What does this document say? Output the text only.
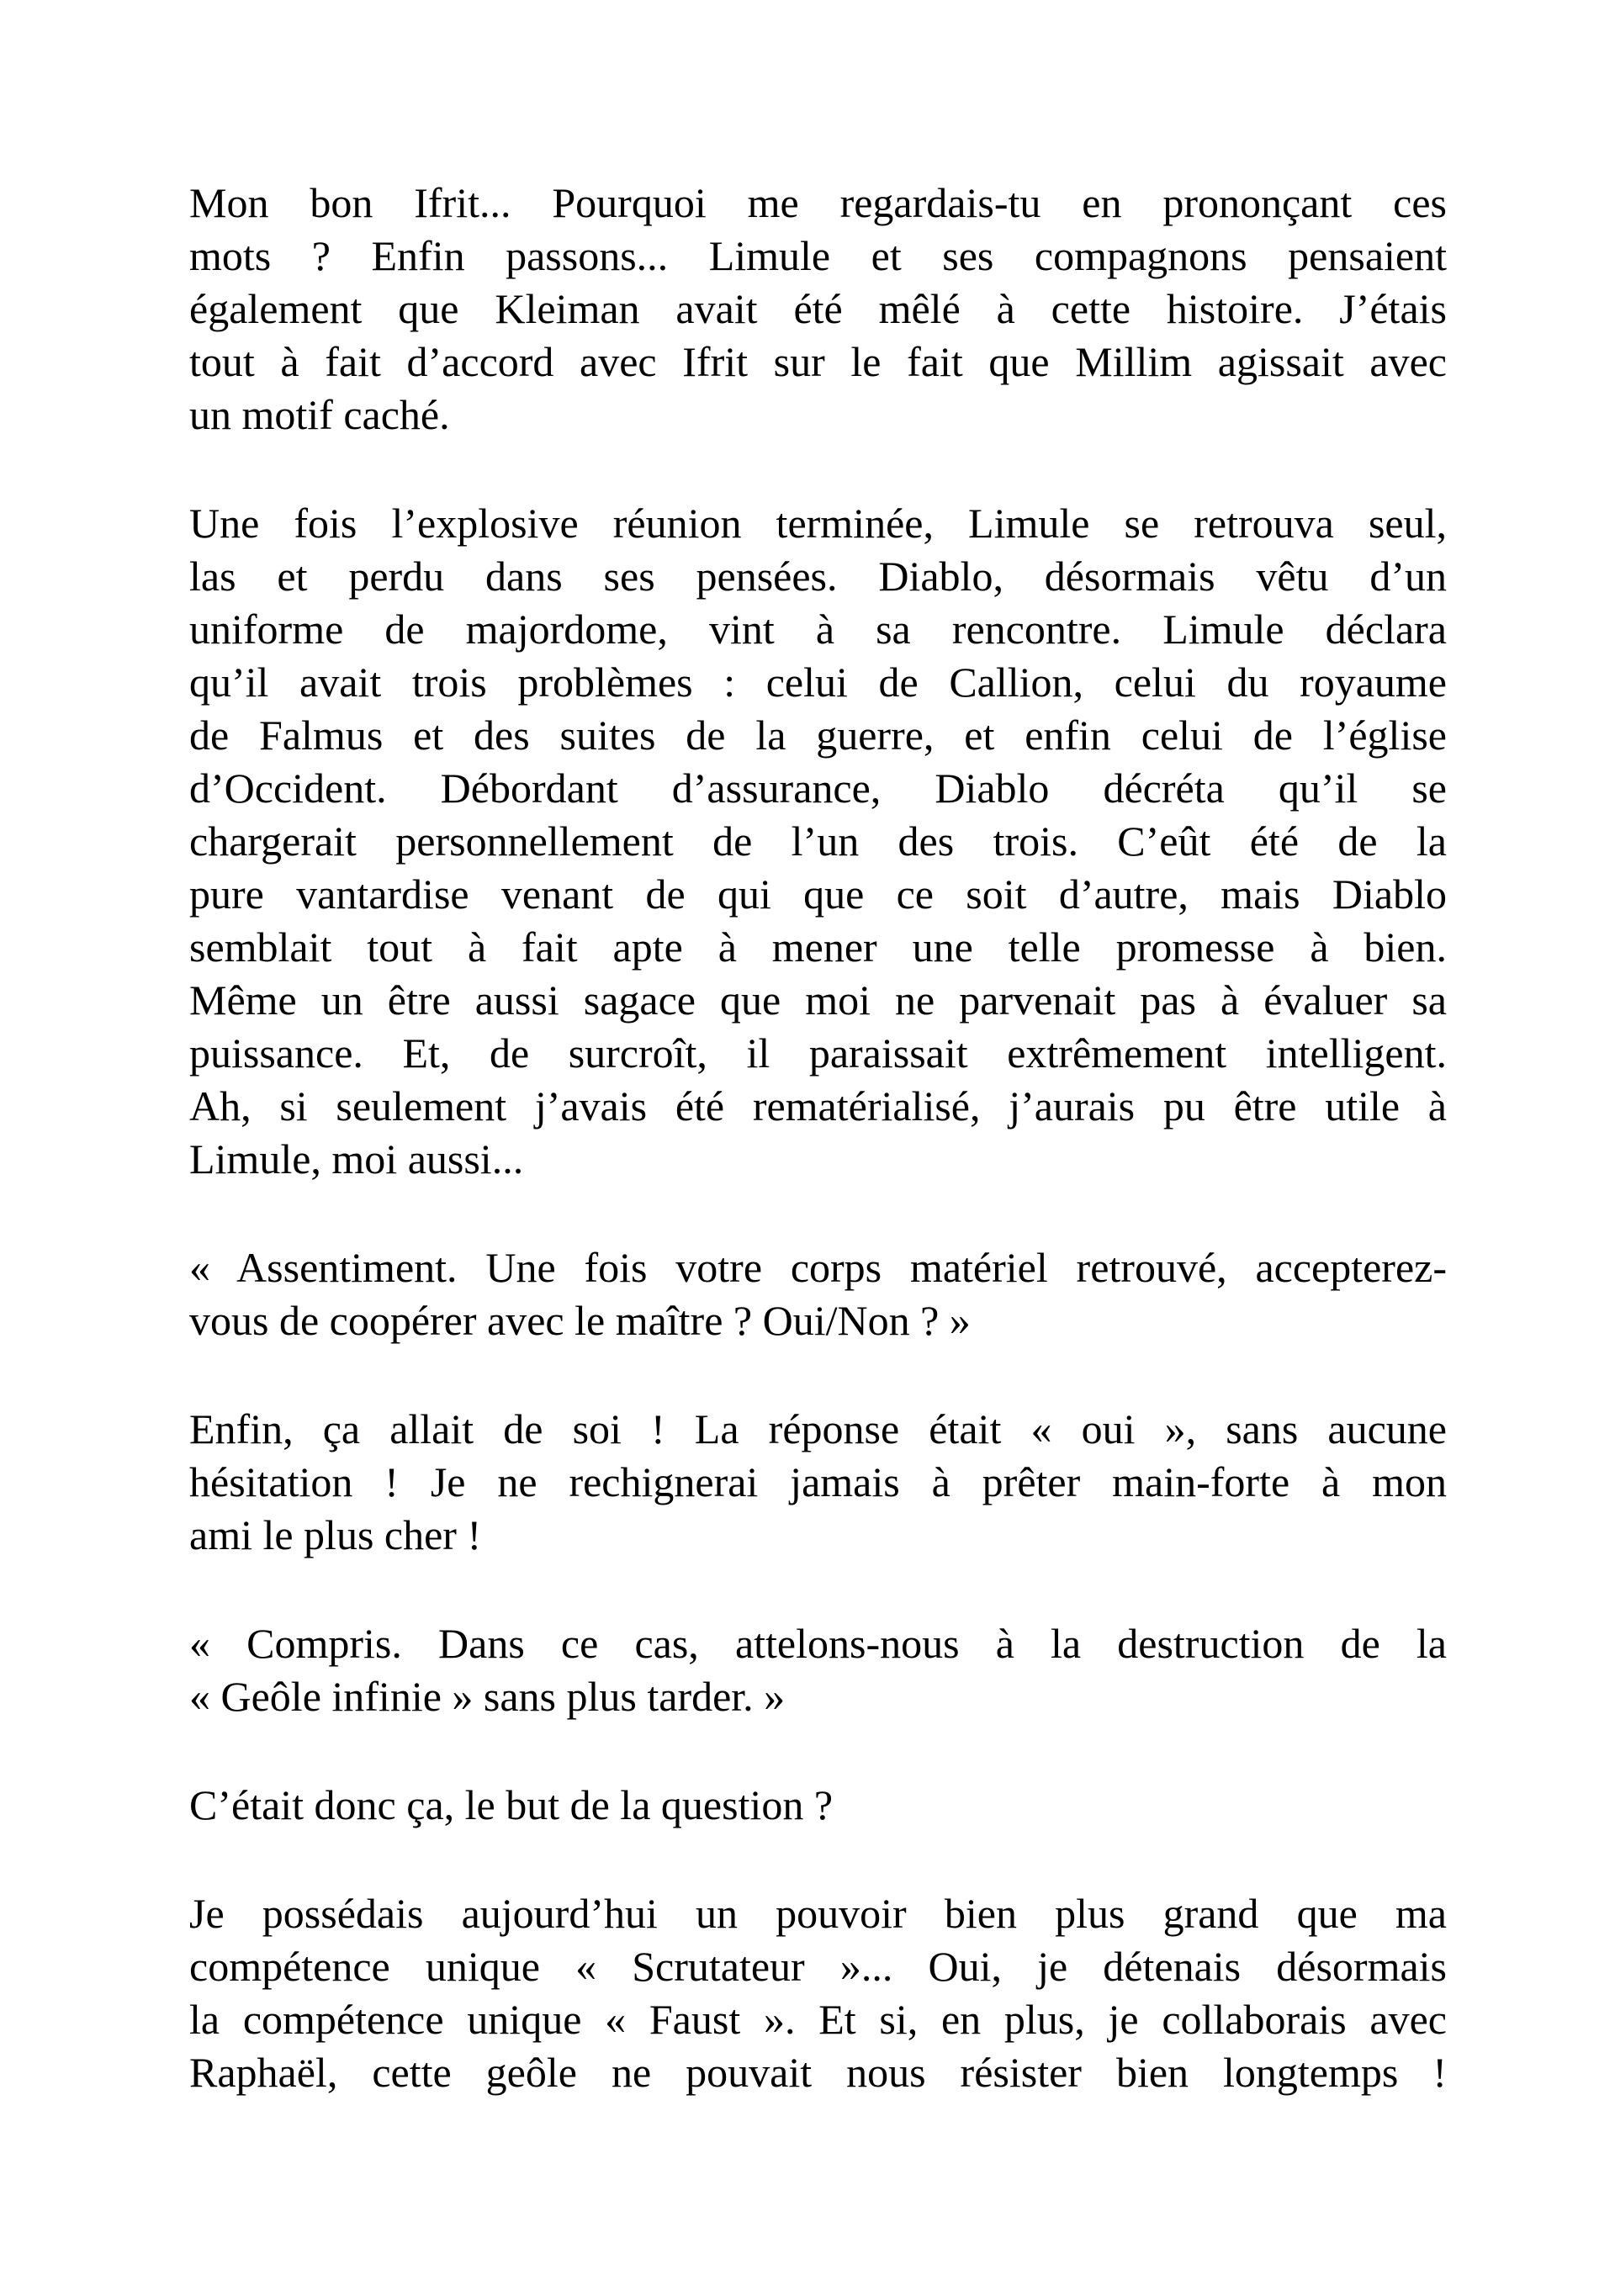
Mon bon Ifrit... Pourquoi me regardais-tu en prononçant ces
mots ? Enfin passons... Limule et ses compagnons pensaient
également que Kleiman avait été mêlé à cette histoire. J’étais
tout à fait d’accord avec Ifrit sur le fait que Millim agissait avec
un motif caché.
Une fois l’explosive réunion terminée, Limule se retrouva seul,
las et perdu dans ses pensées. Diablo, désormais vêtu d’un
uniforme de majordome, vint à sa rencontre. Limule déclara
qu’il avait trois problèmes : celui de Callion, celui du royaume
de Falmus et des suites de la guerre, et enfin celui de l’église
d’Occident. Débordant d’assurance, Diablo décréta qu’il se
chargerait personnellement de l’un des trois. C’eût été de la
pure vantardise venant de qui que ce soit d’autre, mais Diablo
semblait tout à fait apte à mener une telle promesse à bien.
Même un être aussi sagace que moi ne parvenait pas à évaluer sa
puissance. Et, de surcroît, il paraissait extrêmement intelligent.
Ah, si seulement j’avais été rematérialisé, j’aurais pu être utile à
Limule, moi aussi...
« Assentiment. Une fois votre corps matériel retrouvé, accepterez-
vous de coopérer avec le maître ? Oui/Non ? »
Enfin, ça allait de soi ! La réponse était « oui », sans aucune
hésitation ! Je ne rechignerai jamais à prêter main-forte à mon
ami le plus cher !
« Compris. Dans ce cas, attelons-nous à la destruction de la
« Geôle infinie » sans plus tarder. »
C’était donc ça, le but de la question ?
Je possédais aujourd’hui un pouvoir bien plus grand que ma
compétence unique « Scrutateur »... Oui, je détenais désormais
la compétence unique « Faust ». Et si, en plus, je collaborais avec
Raphaël, cette geôle ne pouvait nous résister bien longtemps !
